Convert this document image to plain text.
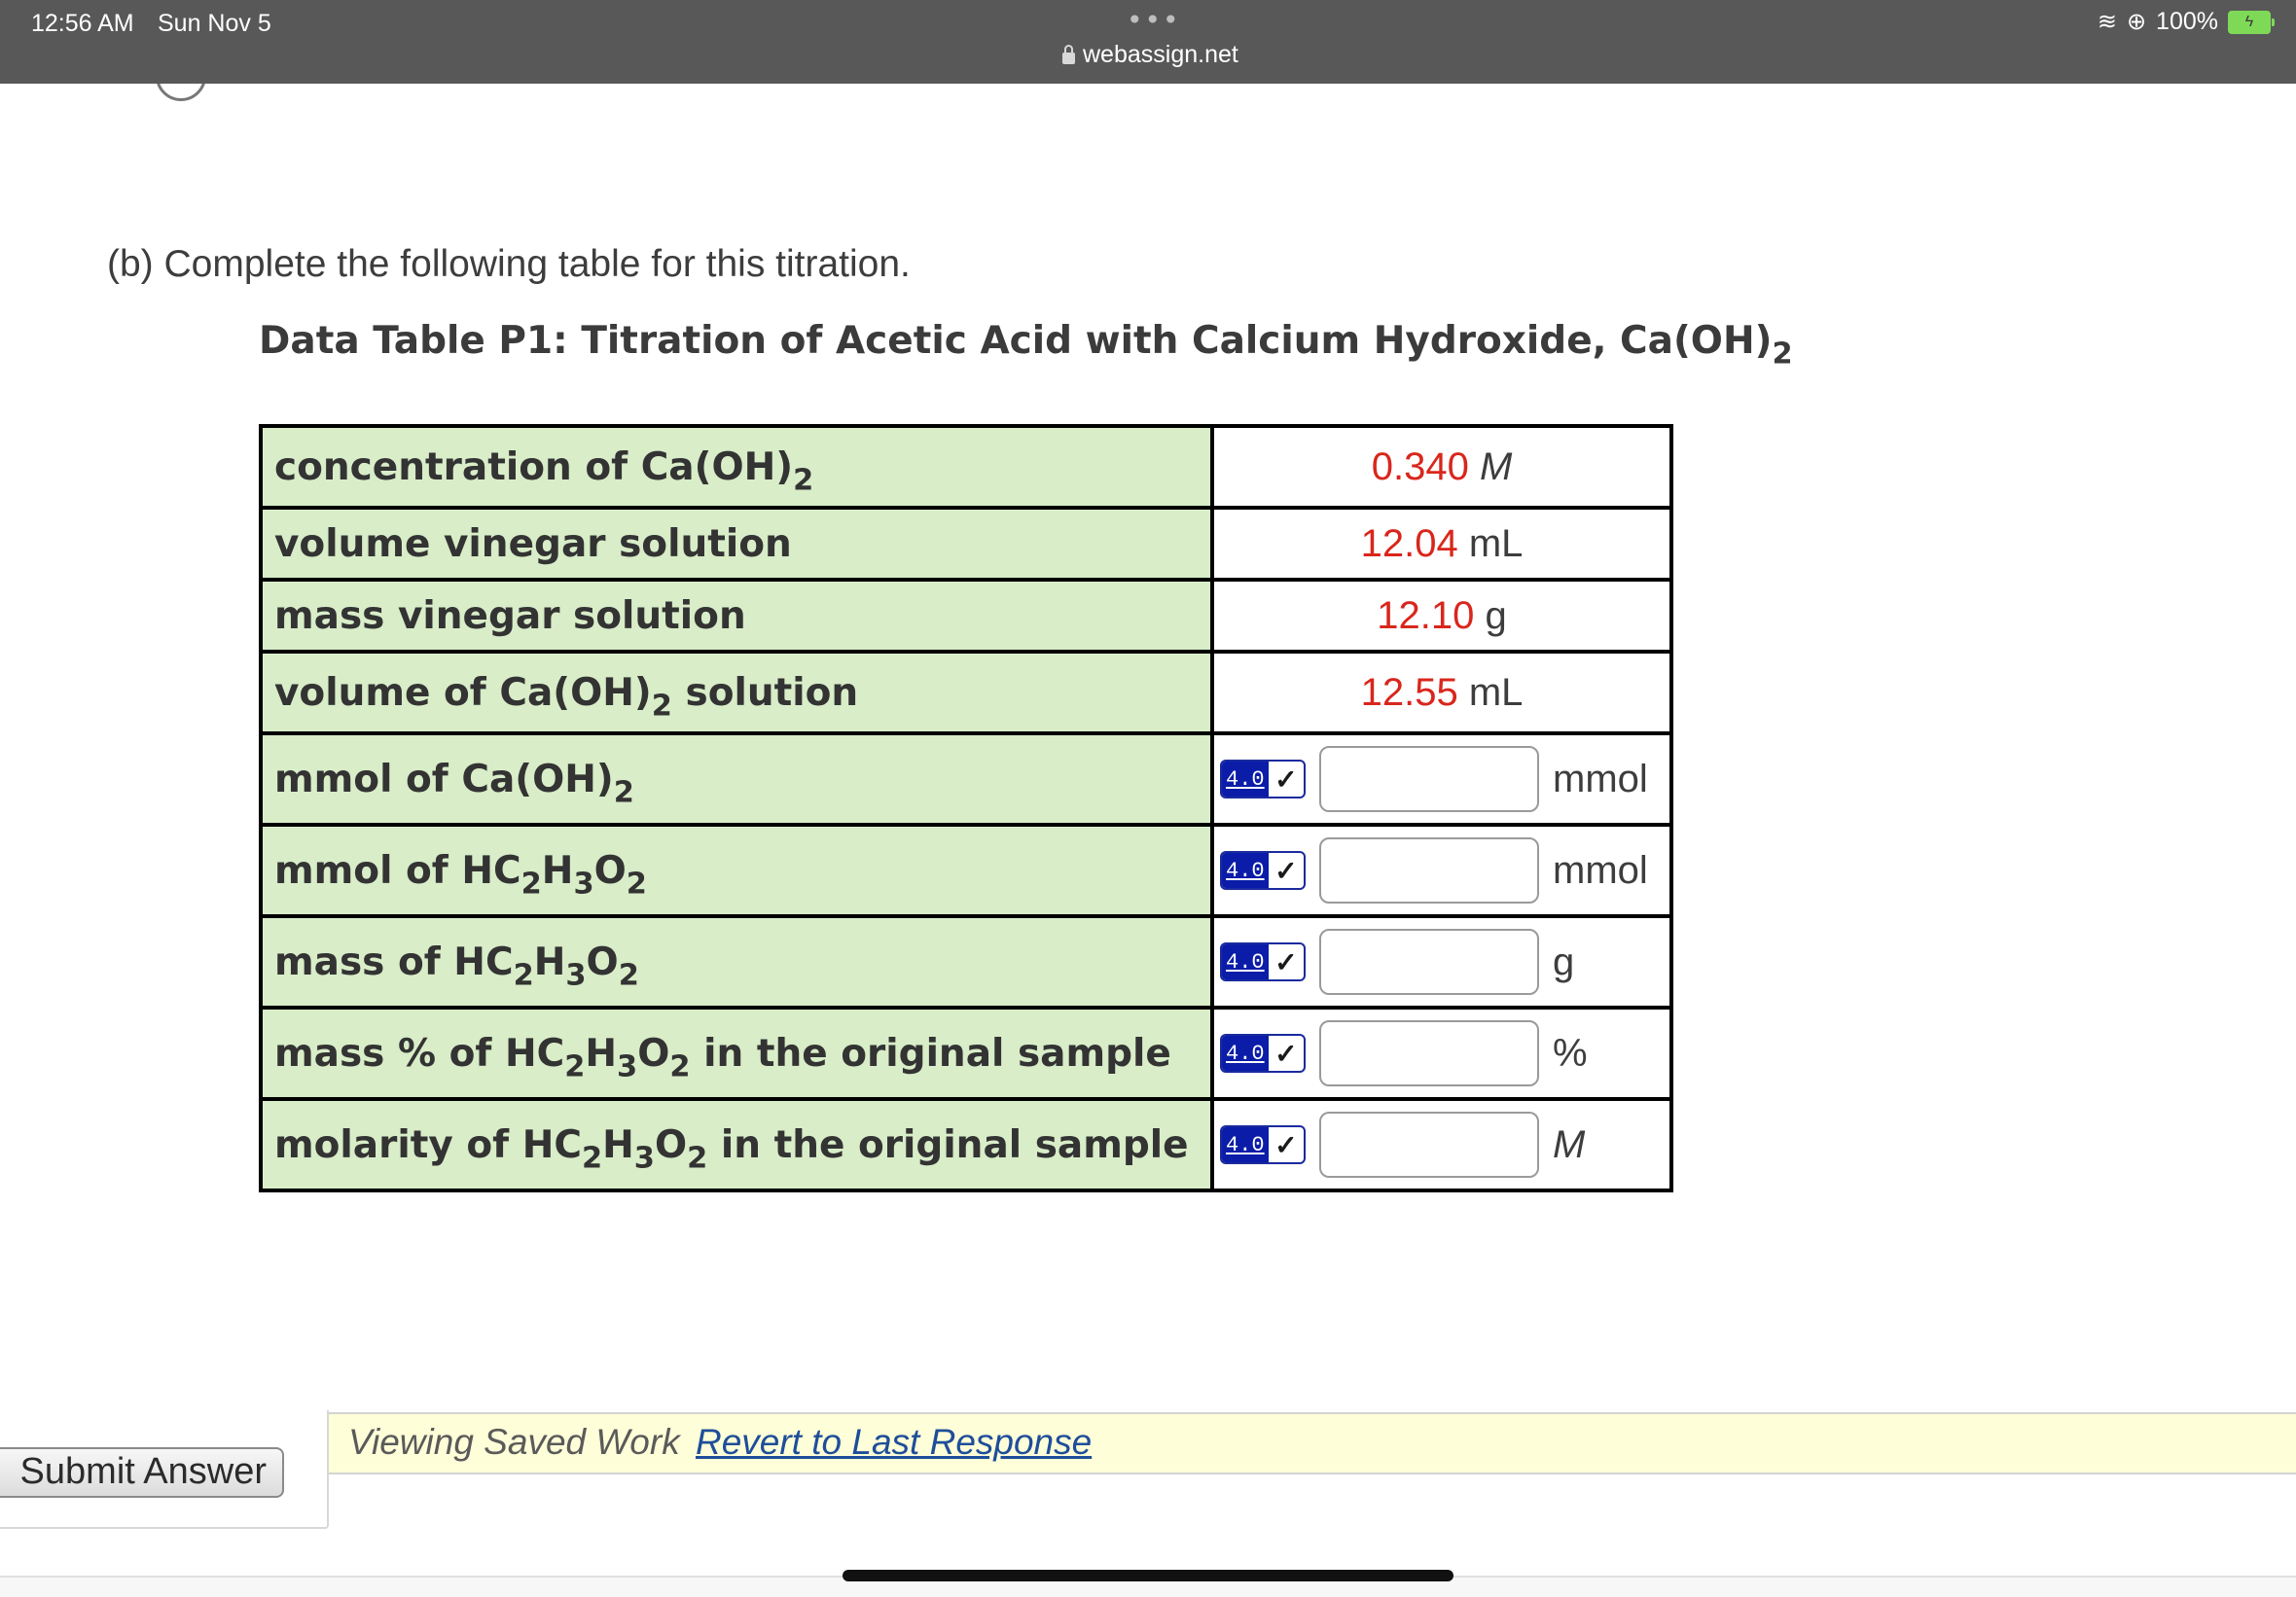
12:56 AM Sun Nov 5	•••
webassign.net
≋ ⊕ 100%	ϟ
(b) Complete the following table for this titration.
Data Table P1: Titration of Acetic Acid with Calcium Hydroxide, $Ca(OH)_2$
concentration of $Ca(OH)_2$	0.340 M
volume vinegar solution	12.04 mL
mass vinegar solution	12.10 g
volume of $Ca(OH)_2$ solution	12.55 mL
mmol of $Ca(OH)_2$	4.0 ✓ mmol

mmol of $HC_2H_3O_2$	4.0 ✓ mmol

mass of $HC_2H_3O_2$	4.0 ✓ g

mass % of $HC_2H_3O_2$ in the original sample	4.0 ✓ %

molarity of $HC_2H_3O_2$ in the original sample	4.0 ✓ M
Submit Answer
Viewing Saved Work Revert to Last Response
